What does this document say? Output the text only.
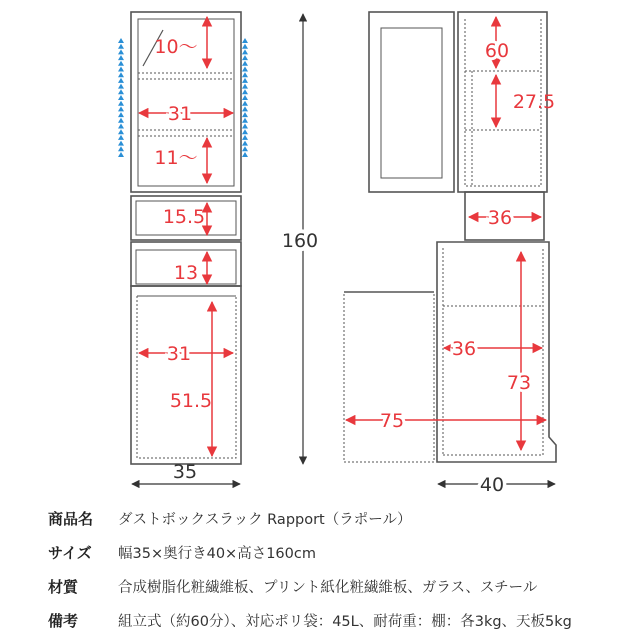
10～
31
11～
15.5
13
31
51.5
35
160
60
27.5
36
36
73
75
40
商品名 ダストボックスラック Rapport（ラポール）
サイズ 幅35×奥行き40×高さ160cm
材質	合成樹脂化粧繊維板、プリント紙化粧繊維板、ガラス、スチール
備考	組立式（約60分）、対応ポリ袋：45L、耐荷重：棚：各3kg、天板5kg
